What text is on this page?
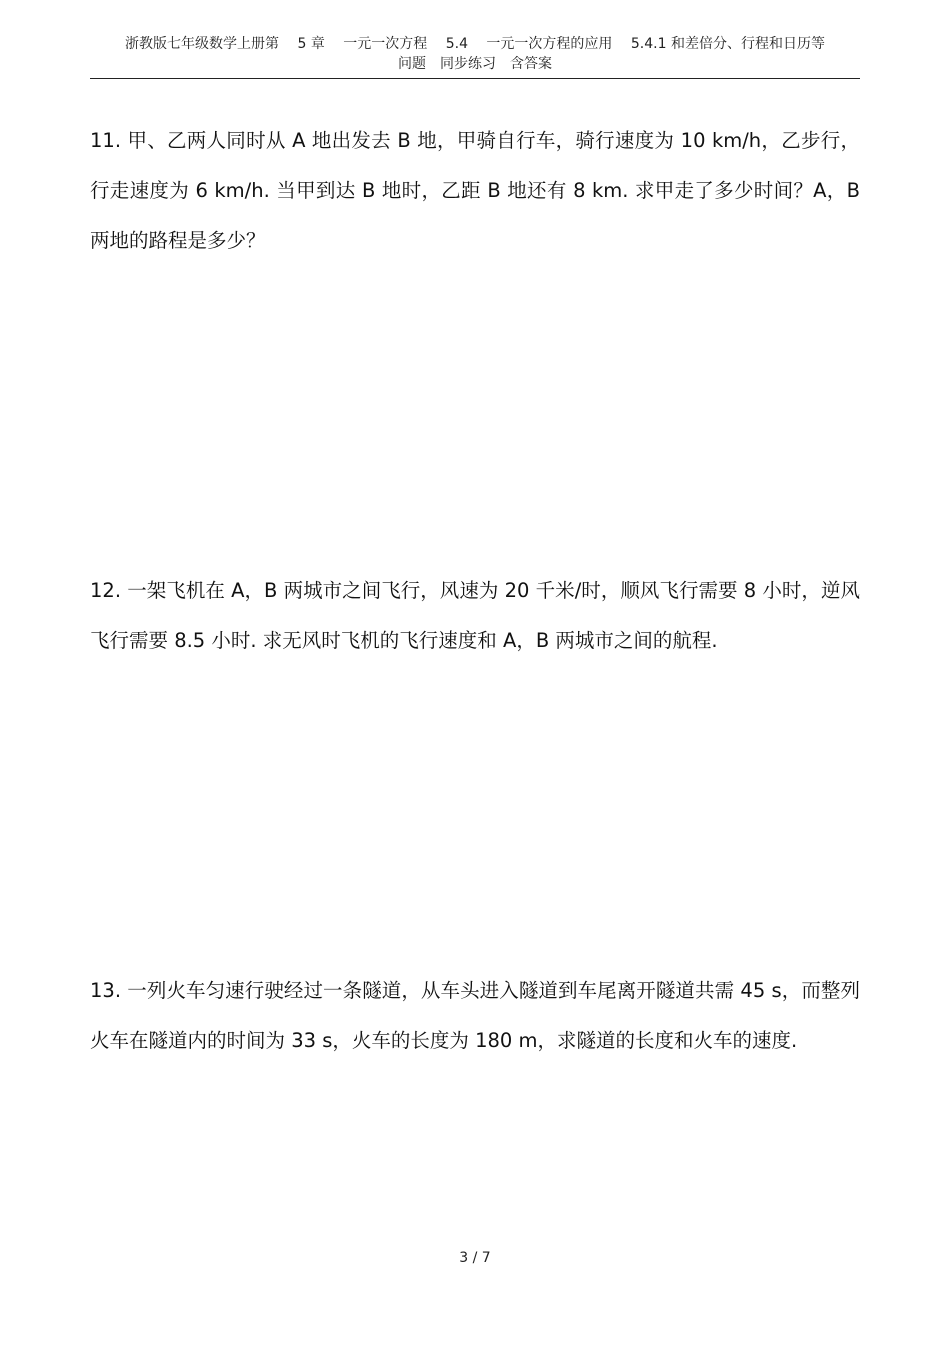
浙教版七年级数学上册第　 5 章　 一元一次方程　 5.4　 一元一次方程的应用　 5.4.1 和差倍分、行程和日历等
问题　同步练习　含答案
11. 甲、乙两人同时从 A 地出发去 B 地，甲骑自行车，骑行速度为 10 km/h，乙步行，行走速度为 6 km/h. 当甲到达 B 地时，乙距 B 地还有 8 km. 求甲走了多少时间？A，B 两地的路程是多少？
12. 一架飞机在 A，B 两城市之间飞行，风速为 20 千米/时，顺风飞行需要 8 小时，逆风飞行需要 8.5 小时. 求无风时飞机的飞行速度和 A，B 两城市之间的航程.
13. 一列火车匀速行驶经过一条隧道，从车头进入隧道到车尾离开隧道共需 45 s，而整列火车在隧道内的时间为 33 s，火车的长度为 180 m，求隧道的长度和火车的速度.
3 / 7
